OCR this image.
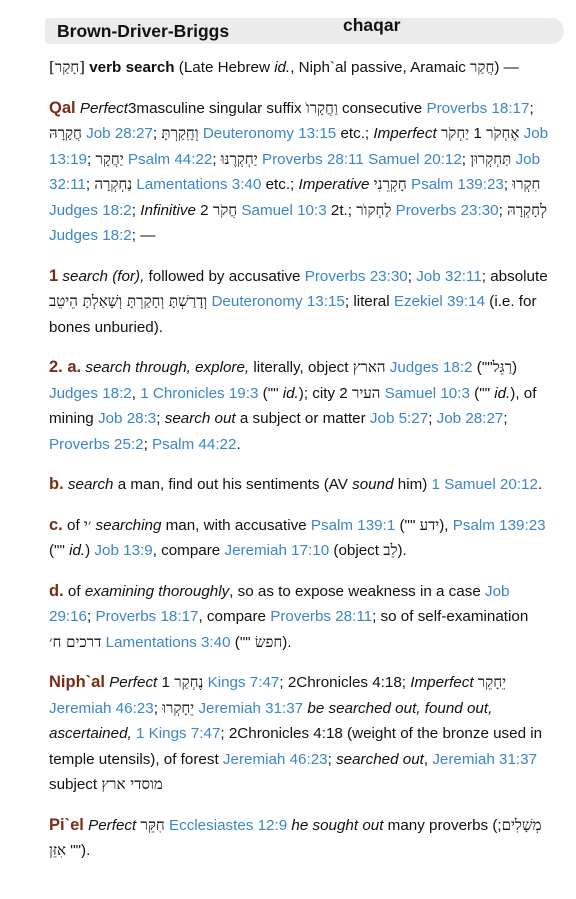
Brown-Driver-Briggs	chaqar

[חָקַר] verb search (Late Hebrew id., Niph`al passive, Aramaic חֲקַר) —

Qal Perfect3masculine singular suffix וַחֲקָרוֺ consecutive Proverbs 18:17; חֲקָרָהּ Job 28:27; וְחָֽקַרְתָּ Deuteronomy 13:15 etc.; Imperfect	אֶחְקֹר 1 יַחְקֹר	Job 13:19; יַחֲקָר Psalm 44:22; יַחְקְרֶנּוּ Proverbs 28:11 Samuel 20:12; תַּחְקְרוּן Job 32:11; נַחְקְרָה Lamentations 3:40 etc.; Imperative חָקְרֵנִי Psalm 139:23; חִקְרוּ Judges 18:2; Infinitive 2 חֲקֹר Samuel 10:3 2t.; לַחְקוֺר Proverbs 23:30; לְחָקְרָהּ Judges 18:2; —

1 search (for), followed by accusative Proverbs 23:30; Job 32:11; absolute וְדָרַשְׁתָּ וְחָקַרְתָּ וְשָׁאַלְתָּ הֵיטֵב Deuteronomy 13:15; literal Ezekiel 39:14 (i.e. for bones unburied).

2. a. search through, explore, literally, object הארץ Judges 18:2 (""רַגֵּל) Judges 18:2, 1 Chronicles 19:3 ("" id.); city 2 העיר Samuel 10:3 ("" id.), of mining Job 28:3; search out a subject or matter Job 5:27; Job 28:27; Proverbs 25:2; Psalm 44:22.

b. search a man, find out his sentiments (AV sound him) 1 Samuel 20:12.

c. of ׳י searching man, with accusative Psalm 139:1 ("" ידע), Psalm 139:23 ("" id.) Job 13:9, compare Jeremiah 17:10 (object לֵב).

d. of examining thoroughly, so as to expose weakness in a case Job 29:16; Proverbs 18:17, compare Proverbs 28:11; so of self-examination דרכים ח׳ Lamentations 3:40 ("" חפשׂ).

Niph`al Perfect 1 נֶחְקַר Kings 7:47; 2Chronicles 4:18; Imperfect יֵחָקֵר Jeremiah 46:23; יֵחָקְרוּ Jeremiah 31:37 be searched out, found out, ascertained, 1 Kings 7:47; 2Chronicles 4:18 (weight of the bronze used in temple utensils), of forest Jeremiah 46:23; searched out, Jeremiah 31:37 subject מוסדי ארץ

Pi`el Perfect חִקֵּר Ecclesiastes 12:9 he sought out many proverbs ( מְשָׁלִים; "" אִזֵּן ).
